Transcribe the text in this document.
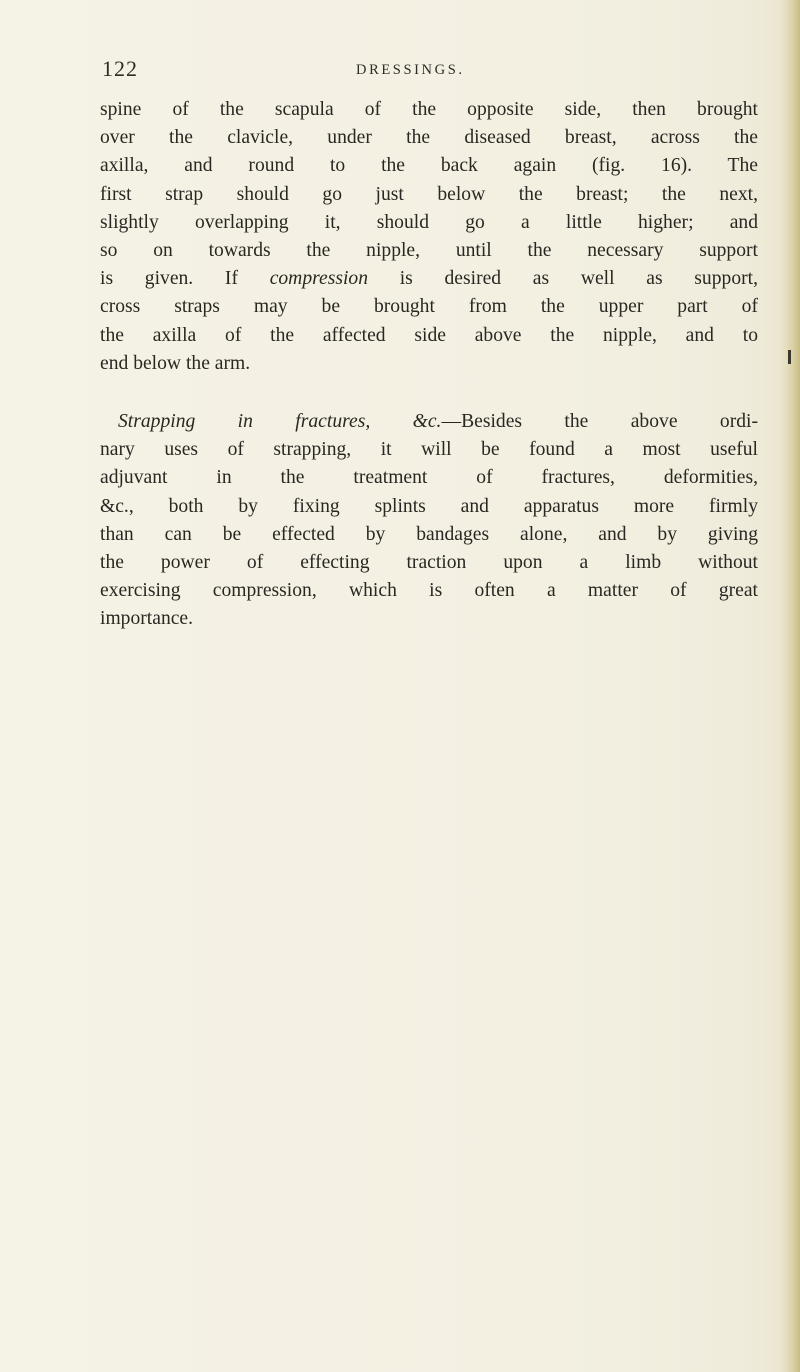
122	DRESSINGS.
spine of the scapula of the opposite side, then brought
over the clavicle, under the diseased breast, across the
axilla, and round to the back again (fig. 16). The
first strap should go just below the breast; the next,
slightly overlapping it, should go a little higher; and
so on towards the nipple, until the necessary support
is given. If compression is desired as well as support,
cross straps may be brought from the upper part of
the axilla of the affected side above the nipple, and to
end below the arm.
Strapping in fractures, &c.—Besides the above ordi-
nary uses of strapping, it will be found a most useful
adjuvant in the treatment of fractures, deformities,
&c., both by fixing splints and apparatus more firmly
than can be effected by bandages alone, and by giving
the power of effecting traction upon a limb without
exercising compression, which is often a matter of great
importance.
